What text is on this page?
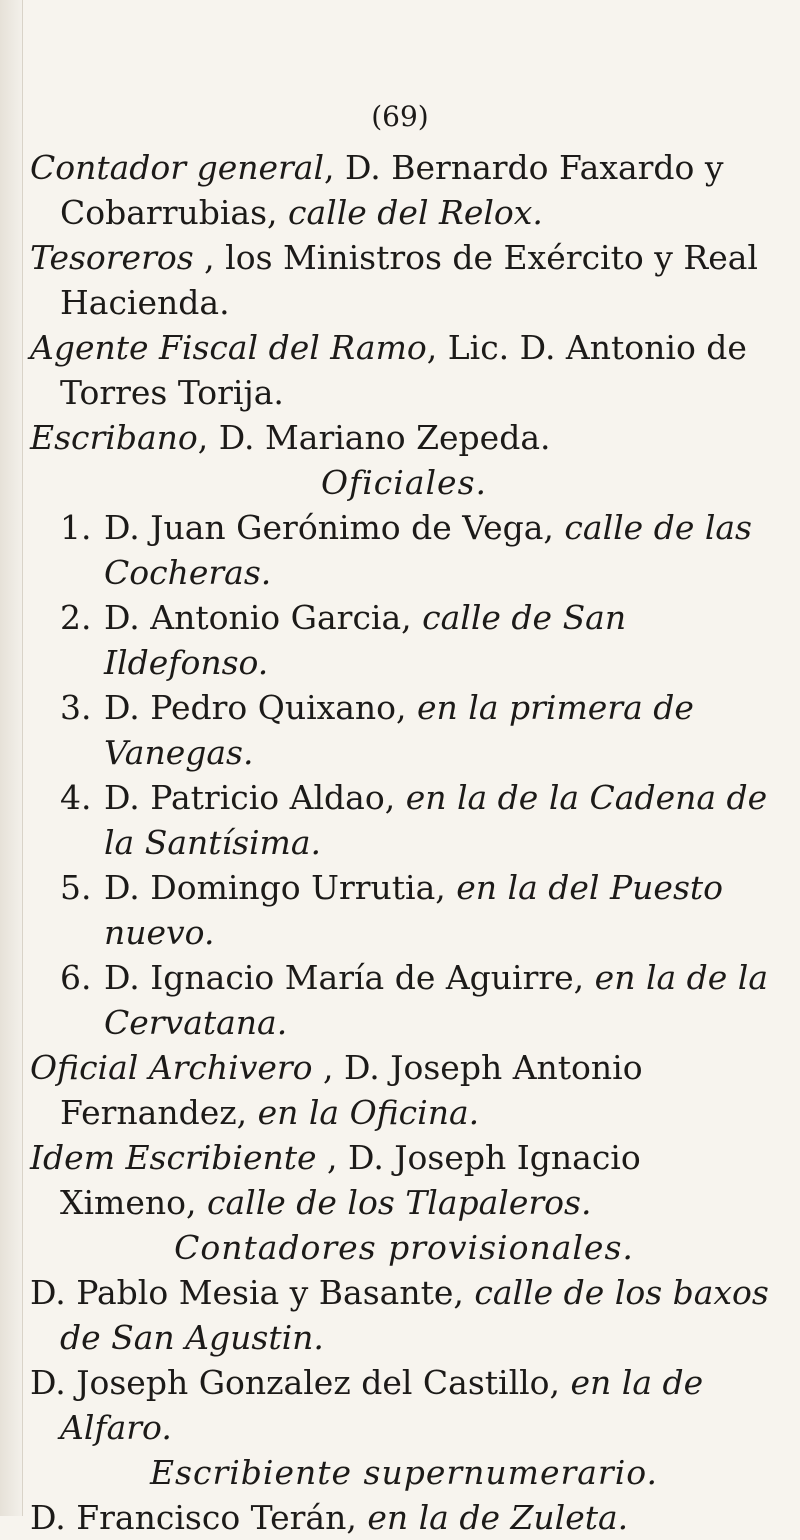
(69)

Contador general, D. Bernardo Faxardo y Cobarrubias, calle del Relox.

Tesoreros , los Ministros de Exército y Real Hacienda.

Agente Fiscal del Ramo, Lic. D. Antonio de Torres Torija.

Escribano, D. Mariano Zepeda.

Oficiales.

1. D. Juan Gerónimo de Vega, calle de las Cocheras.

2. D. Antonio Garcia, calle de San Ildefonso.

3. D. Pedro Quixano, en la primera de Vanegas.

4. D. Patricio Aldao, en la de la Cadena de la Santísima.

5. D. Domingo Urrutia, en la del Puesto nuevo.

6. D. Ignacio María de Aguirre, en la de la Cervatana.

Oficial Archivero , D. Joseph Antonio Fernandez, en la Oficina.

Idem Escribiente , D. Joseph Ignacio Ximeno, calle de los Tlapaleros.

Contadores provisionales.

D. Pablo Mesia y Basante, calle de los baxos de San Agustin.

D. Joseph Gonzalez del Castillo, en la de Alfaro.

Escribiente supernumerario.

D. Francisco Terán, en la de Zuleta.
